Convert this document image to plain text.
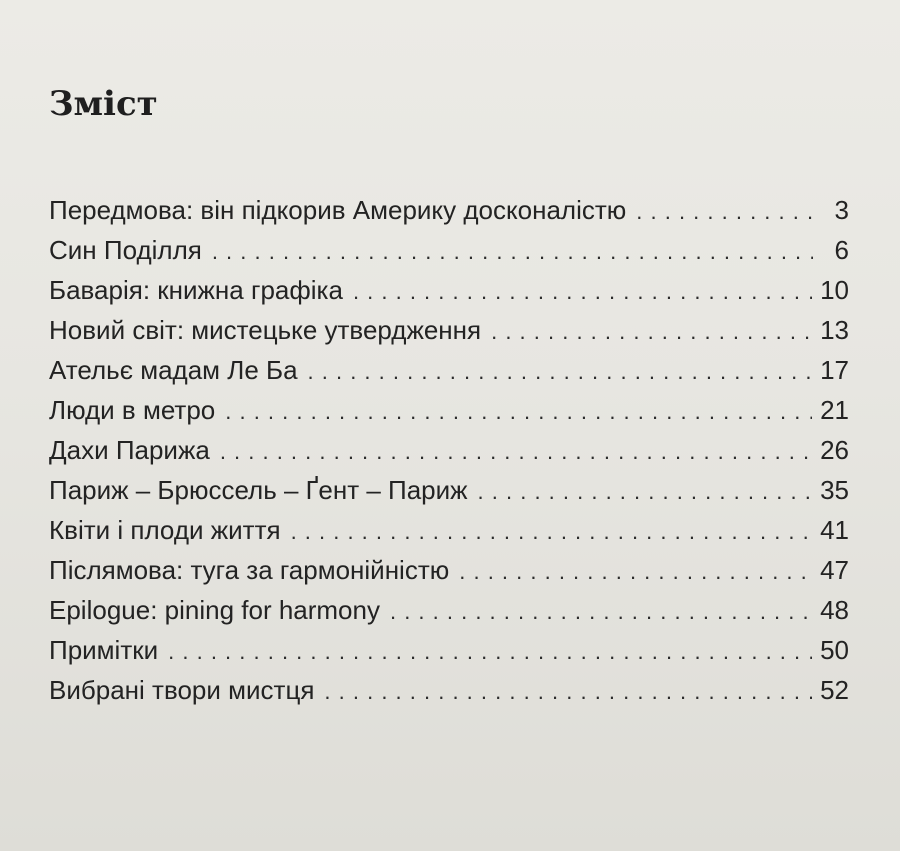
Зміст
Передмова: він підкорив Америку досконалістю . . .	3
Син Поділля . . .	6
Баварія: книжна графіка . . .	10
Новий світ: мистецьке утвердження . . .	13
Ательє мадам Ле Ба . . .	17
Люди в метро . . .	21
Дахи Парижа . . .	26
Париж – Брюссель – Ґент – Париж . . .	35
Квіти і плоди життя . . .	41
Післямова: туга за гармонійністю . . .	47
Epilogue: pining for harmony . . .	48
Примітки . . .	50
Вибрані твори мистця . . .	52
